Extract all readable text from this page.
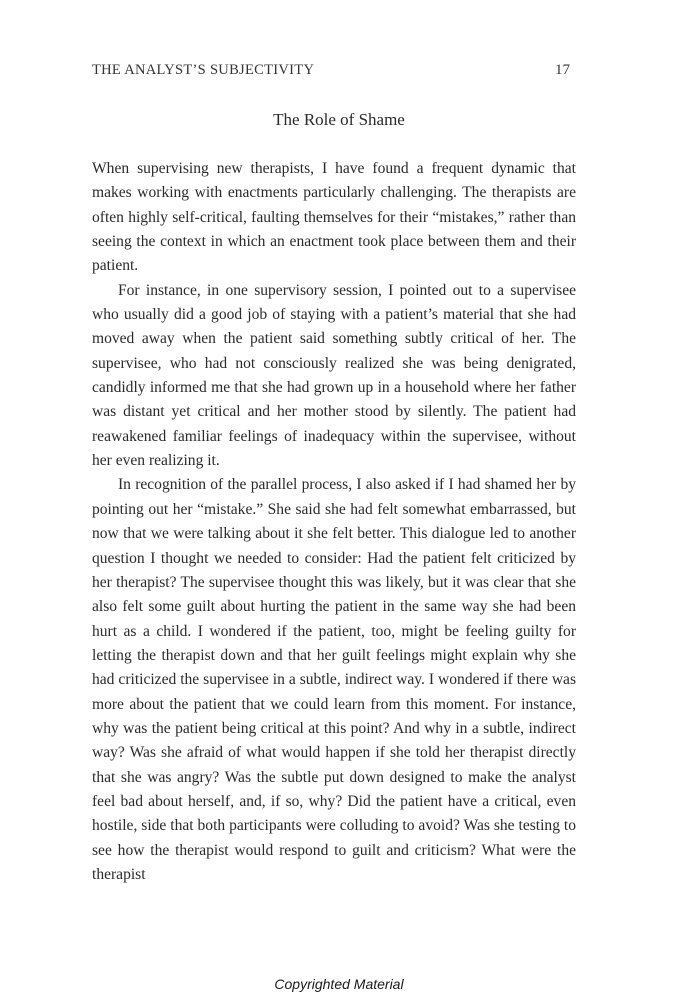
THE ANALYST’S SUBJECTIVITY	17
The Role of Shame

When supervising new therapists, I have found a frequent dynamic that makes working with enactments particularly challenging. The therapists are often highly self-critical, faulting themselves for their “mistakes,” rather than seeing the context in which an enactment took place between them and their patient.

For instance, in one supervisory session, I pointed out to a supervisee who usually did a good job of staying with a patient’s material that she had moved away when the patient said something subtly critical of her. The supervisee, who had not consciously realized she was being denigrated, candidly informed me that she had grown up in a household where her father was distant yet critical and her mother stood by silently. The patient had reawakened familiar feelings of inadequacy within the supervisee, without her even realizing it.

In recognition of the parallel process, I also asked if I had shamed her by pointing out her “mistake.” She said she had felt somewhat embarrassed, but now that we were talking about it she felt better. This dialogue led to another question I thought we needed to consider: Had the patient felt criticized by her therapist? The supervisee thought this was likely, but it was clear that she also felt some guilt about hurting the patient in the same way she had been hurt as a child. I wondered if the patient, too, might be feeling guilty for letting the therapist down and that her guilt feelings might explain why she had criticized the supervisee in a subtle, indirect way. I wondered if there was more about the patient that we could learn from this moment. For instance, why was the patient being critical at this point? And why in a subtle, indirect way? Was she afraid of what would happen if she told her therapist directly that she was angry? Was the subtle put down designed to make the analyst feel bad about herself, and, if so, why? Did the patient have a critical, even hostile, side that both participants were colluding to avoid? Was she testing to see how the therapist would respond to guilt and criticism? What were the therapist

Copyrighted Material
